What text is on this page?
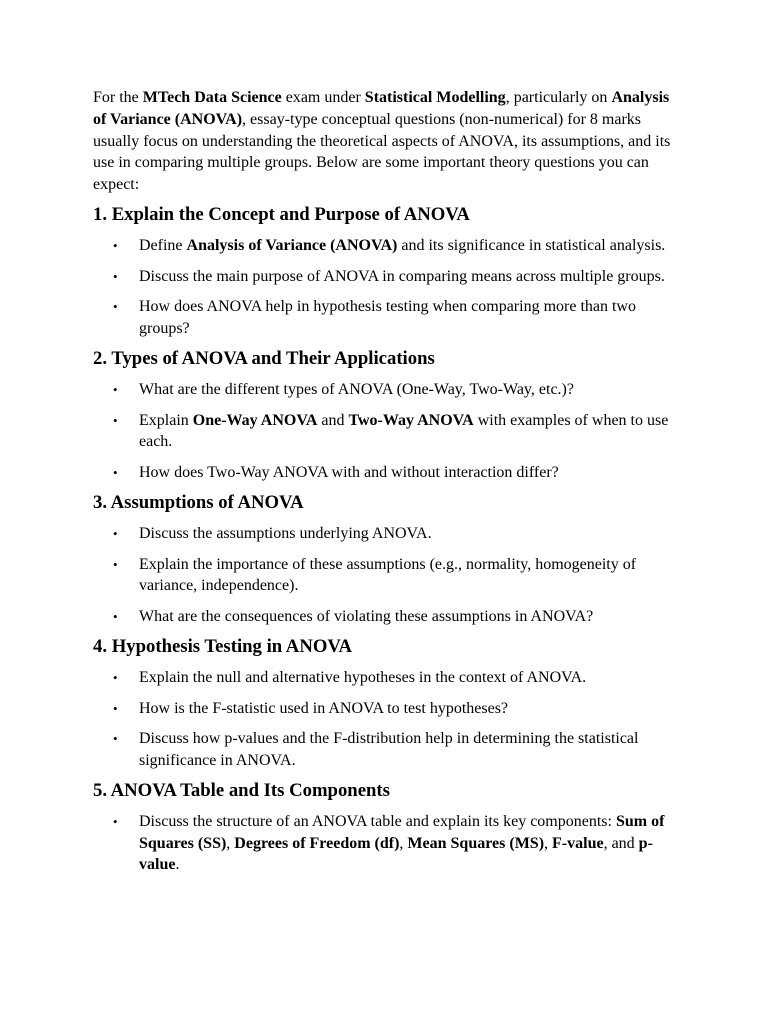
For the MTech Data Science exam under Statistical Modelling, particularly on Analysis of Variance (ANOVA), essay-type conceptual questions (non-numerical) for 8 marks usually focus on understanding the theoretical aspects of ANOVA, its assumptions, and its use in comparing multiple groups. Below are some important theory questions you can expect:

1. Explain the Concept and Purpose of ANOVA
• Define Analysis of Variance (ANOVA) and its significance in statistical analysis.
• Discuss the main purpose of ANOVA in comparing means across multiple groups.
• How does ANOVA help in hypothesis testing when comparing more than two groups?
2. Types of ANOVA and Their Applications
• What are the different types of ANOVA (One-Way, Two-Way, etc.)?
• Explain One-Way ANOVA and Two-Way ANOVA with examples of when to use each.
• How does Two-Way ANOVA with and without interaction differ?
3. Assumptions of ANOVA
• Discuss the assumptions underlying ANOVA.
• Explain the importance of these assumptions (e.g., normality, homogeneity of variance, independence).
• What are the consequences of violating these assumptions in ANOVA?
4. Hypothesis Testing in ANOVA
• Explain the null and alternative hypotheses in the context of ANOVA.
• How is the F-statistic used in ANOVA to test hypotheses?
• Discuss how p-values and the F-distribution help in determining the statistical significance in ANOVA.
5. ANOVA Table and Its Components
• Discuss the structure of an ANOVA table and explain its key components: Sum of Squares (SS), Degrees of Freedom (df), Mean Squares (MS), F-value, and p-value.
